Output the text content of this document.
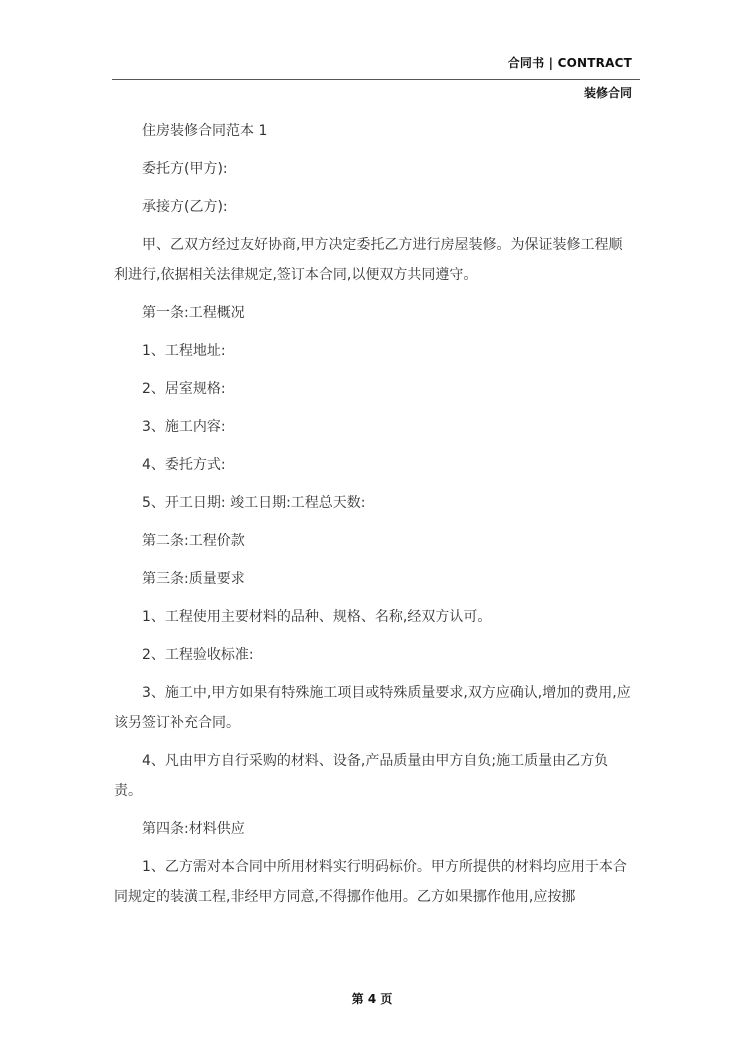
合同书 | CONTRACT
装修合同

住房装修合同范本 1

委托方(甲方):

承接方(乙方):

甲、乙双方经过友好协商,甲方决定委托乙方进行房屋装修。为保证装修工程顺利进行,依据相关法律规定,签订本合同,以便双方共同遵守。

第一条:工程概况

1、工程地址:

2、居室规格:

3、施工内容:

4、委托方式:

5、开工日期: 竣工日期:工程总天数:

第二条:工程价款

第三条:质量要求

1、工程使用主要材料的品种、规格、名称,经双方认可。

2、工程验收标准:

3、施工中,甲方如果有特殊施工项目或特殊质量要求,双方应确认,增加的费用,应该另签订补充合同。

4、凡由甲方自行采购的材料、设备,产品质量由甲方自负;施工质量由乙方负责。

第四条:材料供应

1、乙方需对本合同中所用材料实行明码标价。甲方所提供的材料均应用于本合同规定的装潢工程,非经甲方同意,不得挪作他用。乙方如果挪作他用,应按挪

第 4 页
